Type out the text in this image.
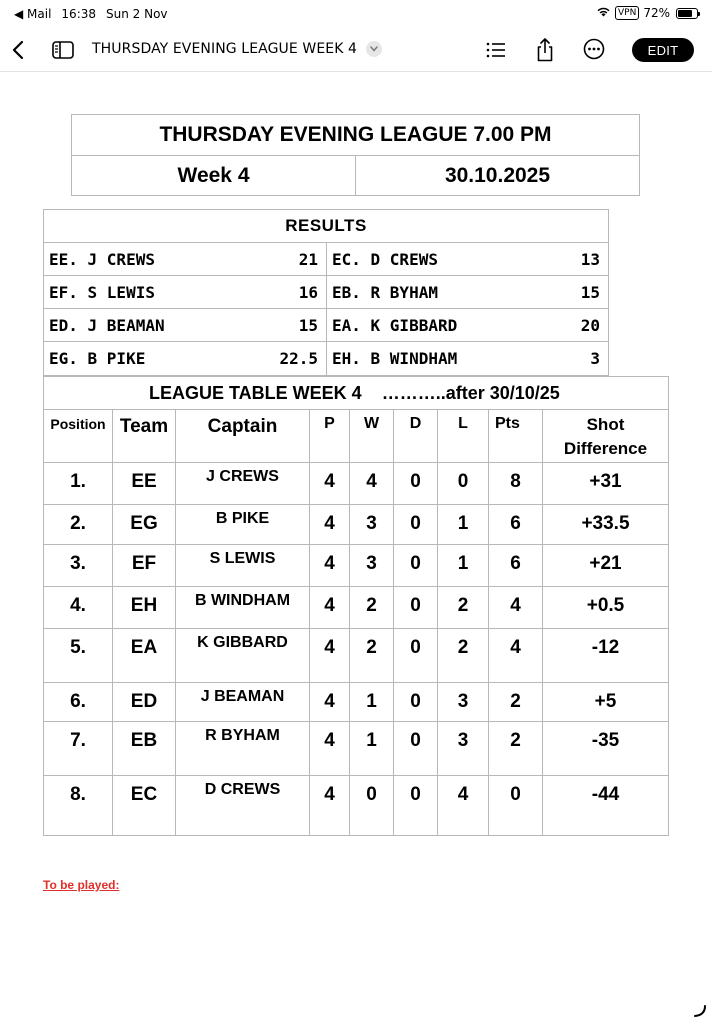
◀ Mail 16:38 Sun 2 Nov	VPN 72%
THURSDAY EVENING LEAGUE WEEK 4	EDIT
THURSDAY EVENING LEAGUE 7.00 PM
Week 4	30.10.2025
RESULTS
EE. J CREWS	21 EC. D CREWS	13
EF. S LEWIS	16 EB. R BYHAM	15
ED. J BEAMAN	15 EA. K GIBBARD	20
EG. B PIKE	22.5 EH. B WINDHAM	3
LEAGUE TABLE WEEK 4 ………..after 30/10/25
Position Team	Captain	P	W	D	L	Pts	Shot
Difference
1.	EE	J CREWS	4	4	0	0	8	+31
2.	EG	B PIKE	4	3	0	1	6	+33.5
3.	EF	S LEWIS	4	3	0	1	6	+21
4.	EH	B WINDHAM	4	2	0	2	4	+0.5
5.	EA	K GIBBARD	4	2	0	2	4	-12
6.	ED	J BEAMAN	4	1	0	3	2	+5
7.	EB	R BYHAM	4	1	0	3	2	-35
8.	EC	D CREWS	4	0	0	4	0	-44
To be played:
